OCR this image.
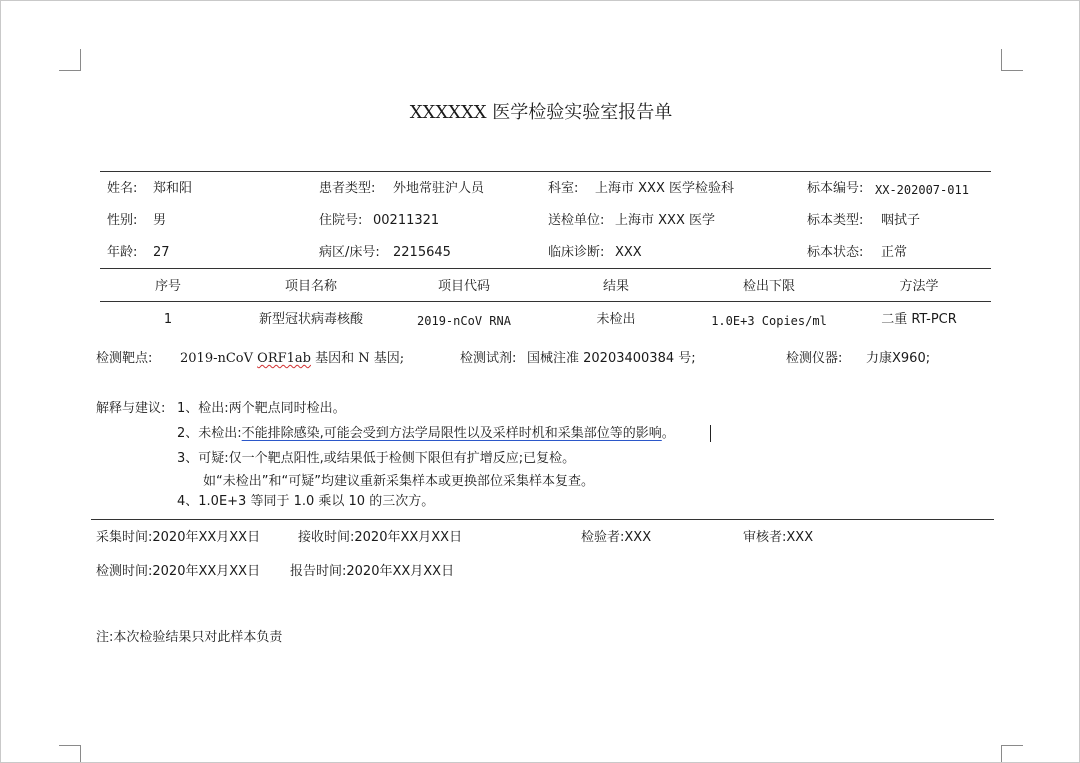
XXXXXX 医学检验实验室报告单
姓名: 郑和阳	患者类型: 外地常驻沪人员	科室: 上海市 XXX 医学检验科	标本编号: XX-202007-011
性别: 男	住院号: 00211321	送检单位: 上海市 XXX 医学	标本类型: 咽拭子
年龄: 27	病区/床号: 2215645	临床诊断: XXX	标本状态: 正常
序号	项目名称	项目代码	结果	检出下限	方法学
1	新型冠状病毒核酸	2019-nCoV RNA	未检出	1.0E+3 Copies/ml	二重 RT-PCR
检测靶点: 2019-nCoV ORF1ab 基因和 N 基因;	检测试剂: 国械注准 20203400384 号;	检测仪器: 力康X960;
解释与建议: 1、检出:两个靶点同时检出。
2、未检出:不能排除感染,可能会受到方法学局限性以及采样时机和采集部位等的影响。
3、可疑:仅一个靶点阳性,或结果低于检侧下限但有扩增反应;已复检。
如“未检出”和“可疑”均建议重新采集样本或更换部位采集样本复查。
4、1.0E+3 等同于 1.0 乘以 10 的三次方。
采集时间:2020年XX月XX日	接收时间:2020年XX月XX日	检验者:XXX	审核者:XXX
检测时间:2020年XX月XX日 报告时间:2020年XX月XX日
注:本次检验结果只对此样本负责
